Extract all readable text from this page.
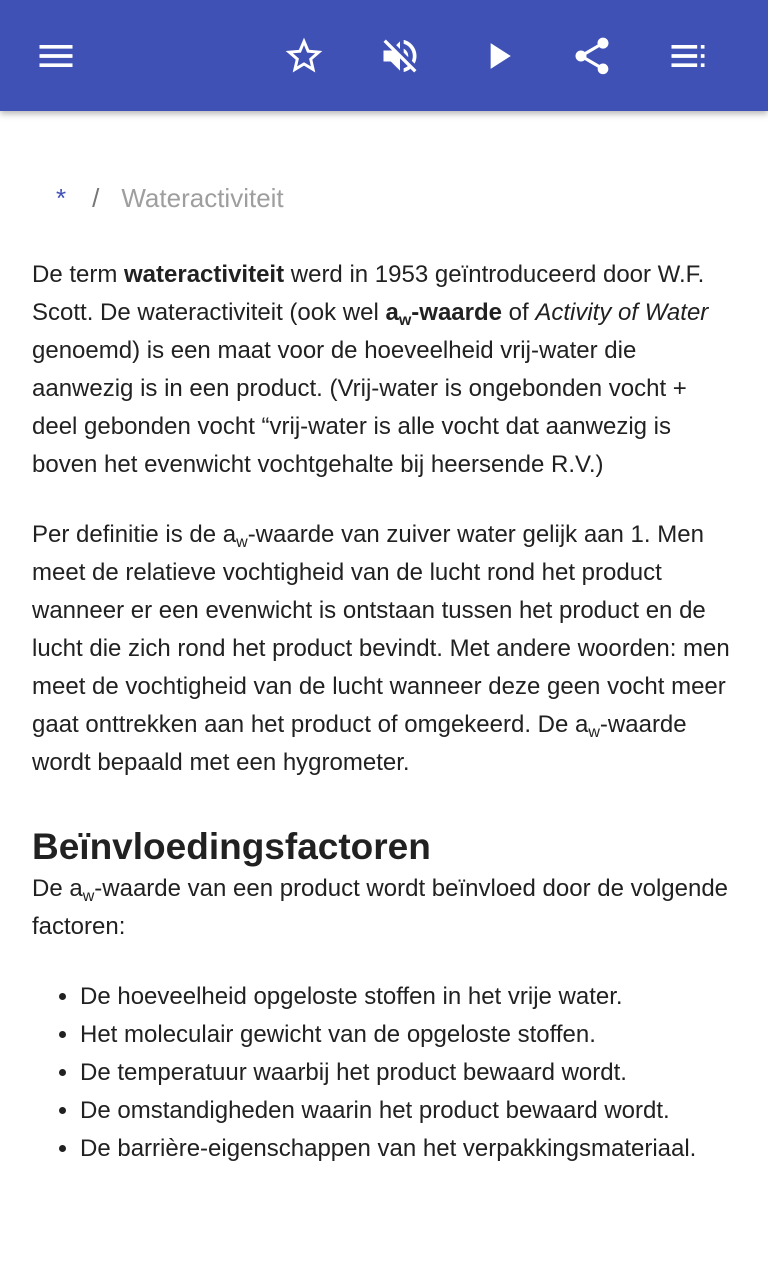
* / Wateractiviteit

De term wateractiviteit werd in 1953 geïntroduceerd door W.F. Scott. De wateractiviteit (ook wel $a_w$-waarde of Activity of Water genoemd) is een maat voor de hoeveelheid vrij-water die aanwezig is in een product. (Vrij-water is ongebonden vocht + deel gebonden vocht “vrij-water is alle vocht dat aanwezig is boven het evenwicht vochtgehalte bij heersende R.V.)

Per definitie is de $a_w$-waarde van zuiver water gelijk aan 1. Men meet de relatieve vochtigheid van de lucht rond het product wanneer er een evenwicht is ontstaan tussen het product en de lucht die zich rond het product bevindt. Met andere woorden: men meet de vochtigheid van de lucht wanneer deze geen vocht meer gaat onttrekken aan het product of omgekeerd. De $a_w$-waarde wordt bepaald met een hygrometer.

Beïnvloedingsfactoren

De $a_w$-waarde van een product wordt beïnvloed door de volgende factoren:

• De hoeveelheid opgeloste stoffen in het vrije water.
• Het moleculair gewicht van de opgeloste stoffen.
• De temperatuur waarbij het product bewaard wordt.
• De omstandigheden waarin het product bewaard wordt.
• De barrière-eigenschappen van het verpakkingsmateriaal.
